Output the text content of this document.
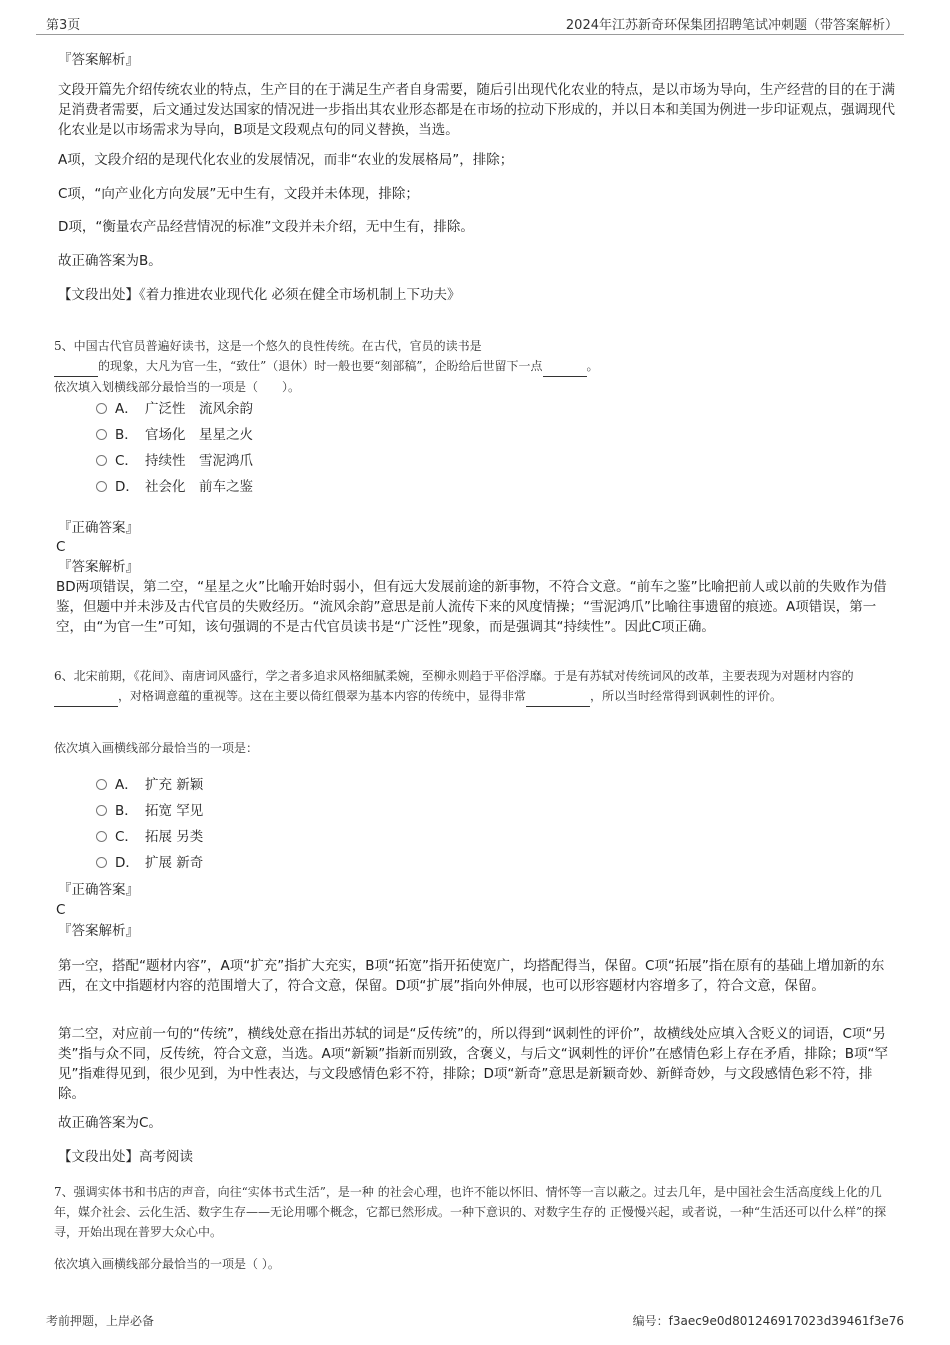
第3页	2024年江苏新奇环保集团招聘笔试冲刺题（带答案解析）
『答案解析』
文段开篇先介绍传统农业的特点，生产目的在于满足生产者自身需要，随后引出现代化农业的特点，是以市场为导向，生产经营的目的在于满足消费者需要，后文通过发达国家的情况进一步指出其农业形态都是在市场的拉动下形成的，并以日本和美国为例进一步印证观点，强调现代化农业是以市场需求为导向，B项是文段观点句的同义替换，当选。
A项，文段介绍的是现代化农业的发展情况，而非“农业的发展格局”，排除；
C项，“向产业化方向发展”无中生有，文段并未体现，排除；
D项，“衡量农产品经营情况的标准”文段并未介绍，无中生有，排除。
故正确答案为B。
【文段出处】《着力推进农业现代化 必须在健全市场机制上下功夫》
5、中国古代官员普遍好读书，这是一个悠久的良性传统。在古代，官员的读书是
的现象，大凡为官一生，“致仕”（退休）时一般也要“刻部稿”，企盼给后世留下一点	。
依次填入划横线部分最恰当的一项是（　　）。
A． 广泛性　流风余韵
B． 官场化　星星之火
C． 持续性　雪泥鸿爪
D． 社会化　前车之鉴
『正确答案』
C
『答案解析』
BD两项错误，第二空，“星星之火”比喻开始时弱小，但有远大发展前途的新事物，不符合文意。“前车之鉴”比喻把前人或以前的失败作为借鉴，但题中并未涉及古代官员的失败经历。“流风余韵”意思是前人流传下来的风度情操；“雪泥鸿爪”比喻往事遗留的痕迹。A项错误，第一空，由“为官一生”可知，该句强调的不是古代官员读书是“广泛性”现象，而是强调其“持续性”。因此C项正确。
6、北宋前期，《花间》、南唐词风盛行，学之者多追求风格细腻柔婉，至柳永则趋于平俗浮靡。于是有苏轼对传统词风的改革，主要表现为对题材内容的 ，对格调意蕴的重视等。这在主要以倚红偎翠为基本内容的传统中，显得非常	，所以当时经常得到讽刺性的评价。
依次填入画横线部分最恰当的一项是：
A． 扩充 新颖
B． 拓宽 罕见
C． 拓展 另类
D． 扩展 新奇
『正确答案』
C
『答案解析』
第一空，搭配“题材内容”，A项“扩充”指扩大充实，B项“拓宽”指开拓使宽广，均搭配得当，保留。C项“拓展”指在原有的基础上增加新的东西，在文中指题材内容的范围增大了，符合文意，保留。D项“扩展”指向外伸展，也可以形容题材内容增多了，符合文意，保留。
第二空，对应前一句的“传统”，横线处意在指出苏轼的词是“反传统”的，所以得到“讽刺性的评价”，故横线处应填入含贬义的词语，C项“另类”指与众不同，反传统，符合文意，当选。A项“新颖”指新而别致，含褒义，与后文“讽刺性的评价”在感情色彩上存在矛盾，排除；B项“罕见”指难得见到，很少见到，为中性表达，与文段感情色彩不符，排除；D项“新奇”意思是新颖奇妙、新鲜奇妙，与文段感情色彩不符，排除。
故正确答案为C。
【文段出处】高考阅读
7、强调实体书和书店的声音，向往“实体书式生活”，是一种 的社会心理，也许不能以怀旧、情怀等一言以蔽之。过去几年，是中国社会生活高度线上化的几年，媒介社会、云化生活、数字生存——无论用哪个概念，它都已然形成。一种下意识的、对数字生存的 正慢慢兴起，或者说，一种“生活还可以什么样”的探寻，开始出现在普罗大众心中。
依次填入画横线部分最恰当的一项是（ ）。
考前押题，上岸必备	编号：f3aec9e0d801246917023d39461f3e76
